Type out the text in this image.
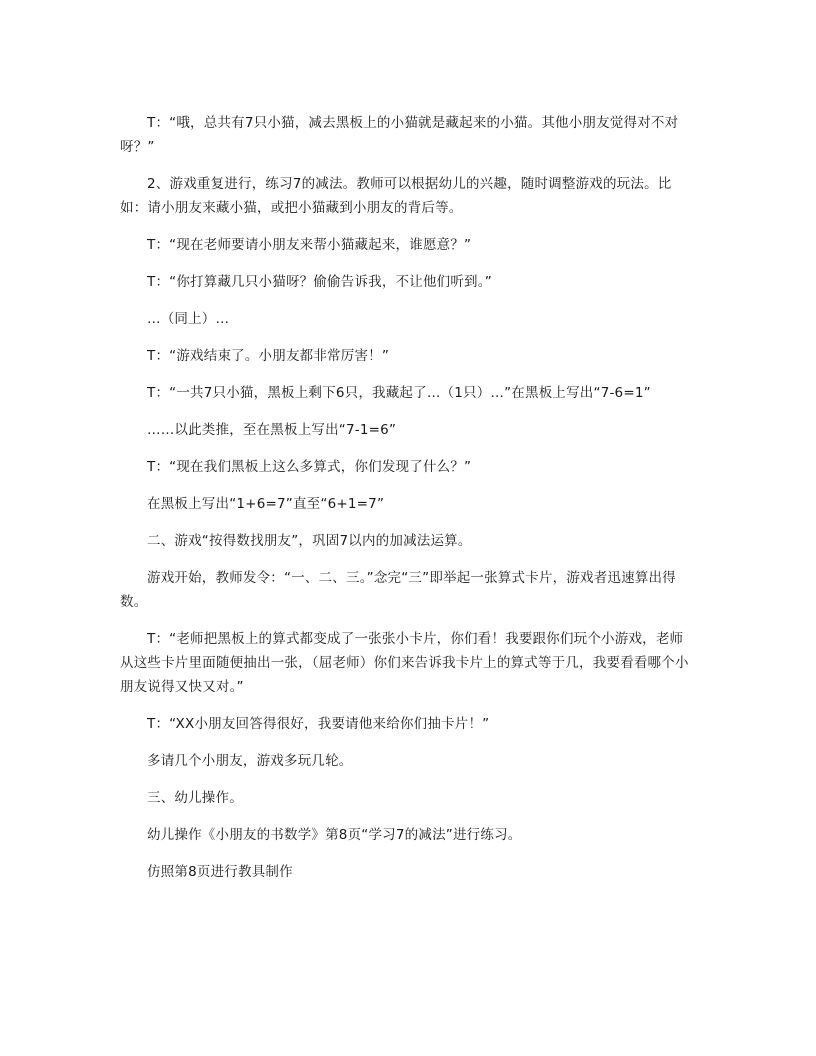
T：“哦，总共有7只小猫，减去黑板上的小猫就是藏起来的小猫。其他小朋友觉得对不对呀？”

2、游戏重复进行，练习7的减法。教师可以根据幼儿的兴趣，随时调整游戏的玩法。比如：请小朋友来藏小猫，或把小猫藏到小朋友的背后等。

T：“现在老师要请小朋友来帮小猫藏起来，谁愿意？”

T：“你打算藏几只小猫呀？偷偷告诉我，不让他们听到。”

…（同上）…

T：“游戏结束了。小朋友都非常厉害！”

T：“一共7只小猫，黑板上剩下6只，我藏起了…（1只）…”在黑板上写出“7-6=1”

……以此类推，至在黑板上写出“7-1=6”

T：“现在我们黑板上这么多算式，你们发现了什么？”

在黑板上写出“1+6=7”直至“6+1=7”

二、游戏“按得数找朋友”，巩固7以内的加减法运算。

游戏开始，教师发令：“一、二、三。”念完“三”即举起一张算式卡片，游戏者迅速算出得数。

T：“老师把黑板上的算式都变成了一张张小卡片，你们看！我要跟你们玩个小游戏，老师从这些卡片里面随便抽出一张，（屈老师）你们来告诉我卡片上的算式等于几，我要看看哪个小朋友说得又快又对。”

T：“XX小朋友回答得很好，我要请他来给你们抽卡片！”

多请几个小朋友，游戏多玩几轮。

三、幼儿操作。

幼儿操作《小朋友的书数学》第8页“学习7的减法”进行练习。

仿照第8页进行教具制作
